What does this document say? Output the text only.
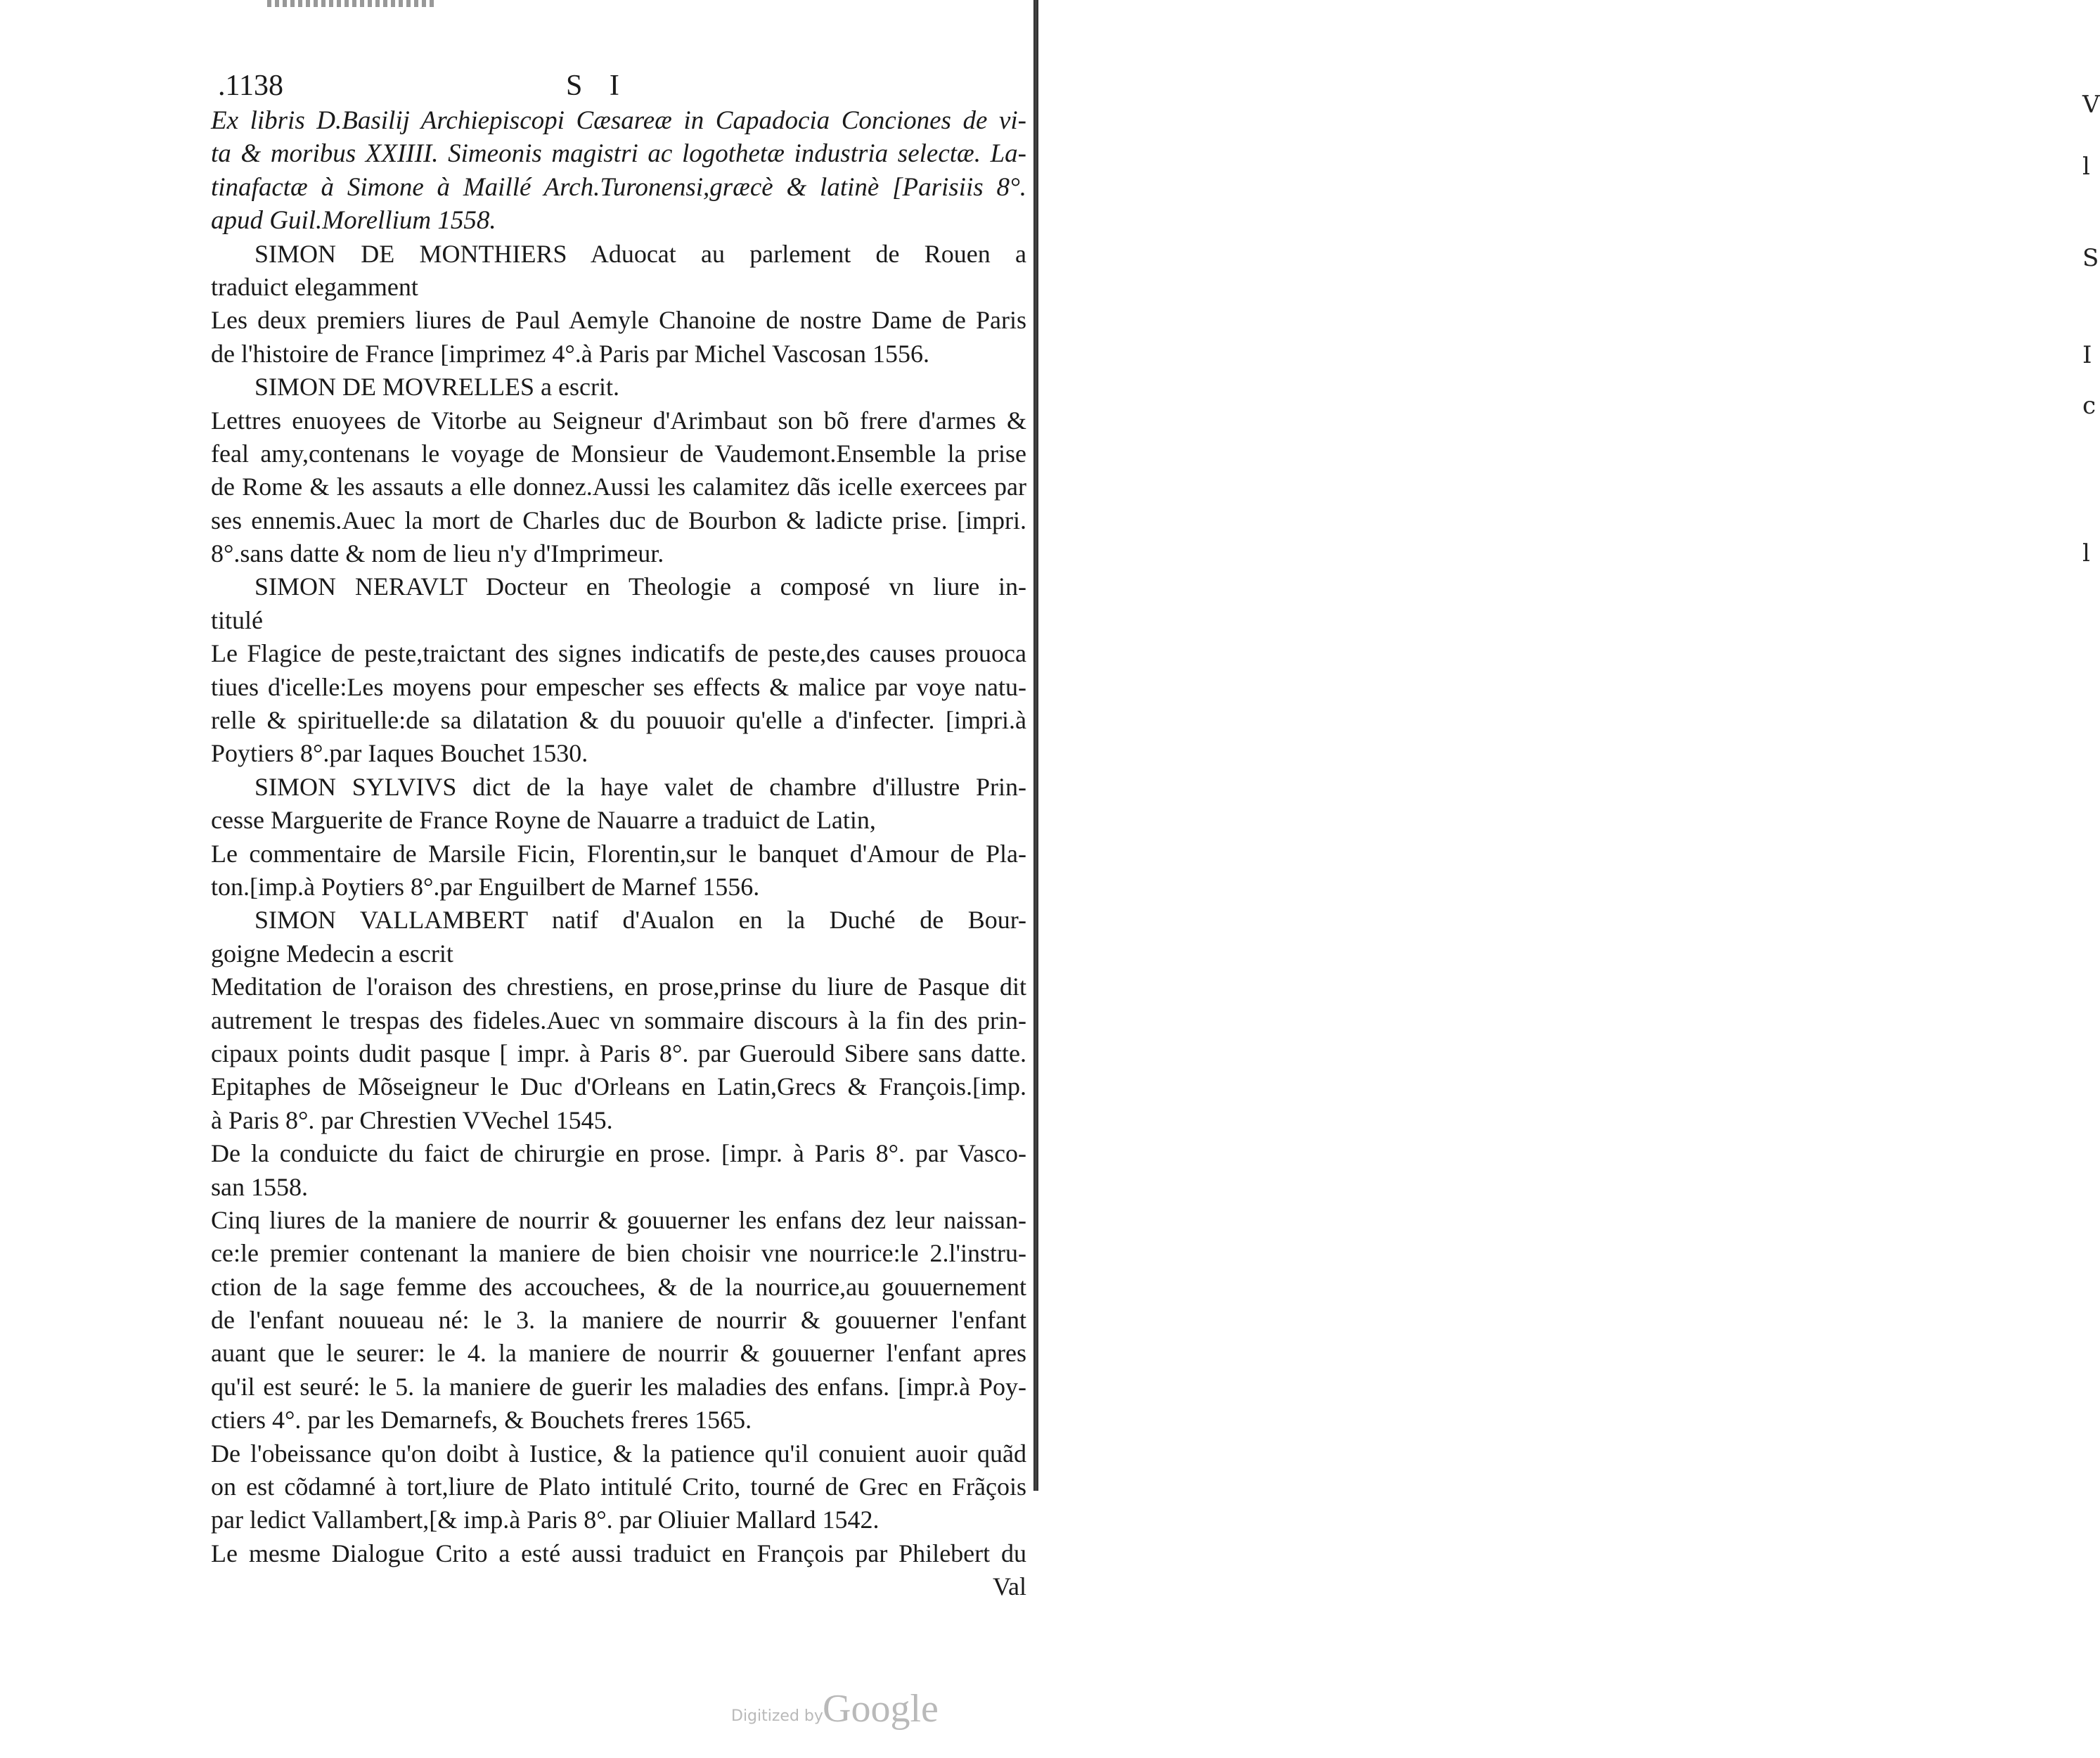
V
l
S
I
c
l
.1138	S I
Ex libris D.Basilij Archiepiscopi Cæsareæ in Capadocia Conciones de vi-
ta & moribus XXIIII. Simeonis magistri ac logothetæ industria selectæ. La-
tinafactæ à Simone à Maillé Arch.Turonensi,græcè & latinè [Parisiis 8°.
apud Guil.Morellium 1558.
SIMON DE MONTHIERS Aduocat au parlement de Rouen a
traduict elegamment
Les deux premiers liures de Paul Aemyle Chanoine de nostre Dame de Paris
de l'histoire de France [imprimez 4°.à Paris par Michel Vascosan 1556.
SIMON DE MOVRELLES a escrit.
Lettres enuoyees de Vitorbe au Seigneur d'Arimbaut son bõ frere d'armes &
feal amy,contenans le voyage de Monsieur de Vaudemont.Ensemble la prise
de Rome & les assauts a elle donnez.Aussi les calamitez dãs icelle exercees par
ses ennemis.Auec la mort de Charles duc de Bourbon & ladicte prise. [impri.
8°.sans datte & nom de lieu n'y d'Imprimeur.
SIMON NERAVLT Docteur en Theologie a composé vn liure in-
titulé
Le Flagice de peste,traictant des signes indicatifs de peste,des causes prouoca
tiues d'icelle:Les moyens pour empescher ses effects & malice par voye natu-
relle & spirituelle:de sa dilatation & du pouuoir qu'elle a d'infecter. [impri.à
Poytiers 8°.par Iaques Bouchet 1530.
SIMON SYLVIVS dict de la haye valet de chambre d'illustre Prin-
cesse Marguerite de France Royne de Nauarre a traduict de Latin,
Le commentaire de Marsile Ficin, Florentin,sur le banquet d'Amour de Pla-
ton.[imp.à Poytiers 8°.par Enguilbert de Marnef 1556.
SIMON VALLAMBERT natif d'Aualon en la Duché de Bour-
goigne Medecin a escrit
Meditation de l'oraison des chrestiens, en prose,prinse du liure de Pasque dit
autrement le trespas des fideles.Auec vn sommaire discours à la fin des prin-
cipaux points dudit pasque [ impr. à Paris 8°. par Guerould Sibere sans datte.
Epitaphes de Mõseigneur le Duc d'Orleans en Latin,Grecs & François.[imp.
à Paris 8°. par Chrestien VVechel 1545.
De la conduicte du faict de chirurgie en prose. [impr. à Paris 8°. par Vasco-
san 1558.
Cinq liures de la maniere de nourrir & gouuerner les enfans dez leur naissan-
ce:le premier contenant la maniere de bien choisir vne nourrice:le 2.l'instru-
ction de la sage femme des accouchees, & de la nourrice,au gouuernement
de l'enfant nouueau né: le 3. la maniere de nourrir & gouuerner l'enfant
auant que le seurer: le 4. la maniere de nourrir & gouuerner l'enfant apres
qu'il est seuré: le 5. la maniere de guerir les maladies des enfans. [impr.à Poy-
ctiers 4°. par les Demarnefs, & Bouchets freres 1565.
De l'obeissance qu'on doibt à Iustice, & la patience qu'il conuient auoir quãd
on est cõdamné à tort,liure de Plato intitulé Crito, tourné de Grec en Frãçois
par ledict Vallambert,[& imp.à Paris 8°. par Oliuier Mallard 1542.
Le mesme Dialogue Crito a esté aussi traduict en François par Philebert du
Val
Digitized by Google
